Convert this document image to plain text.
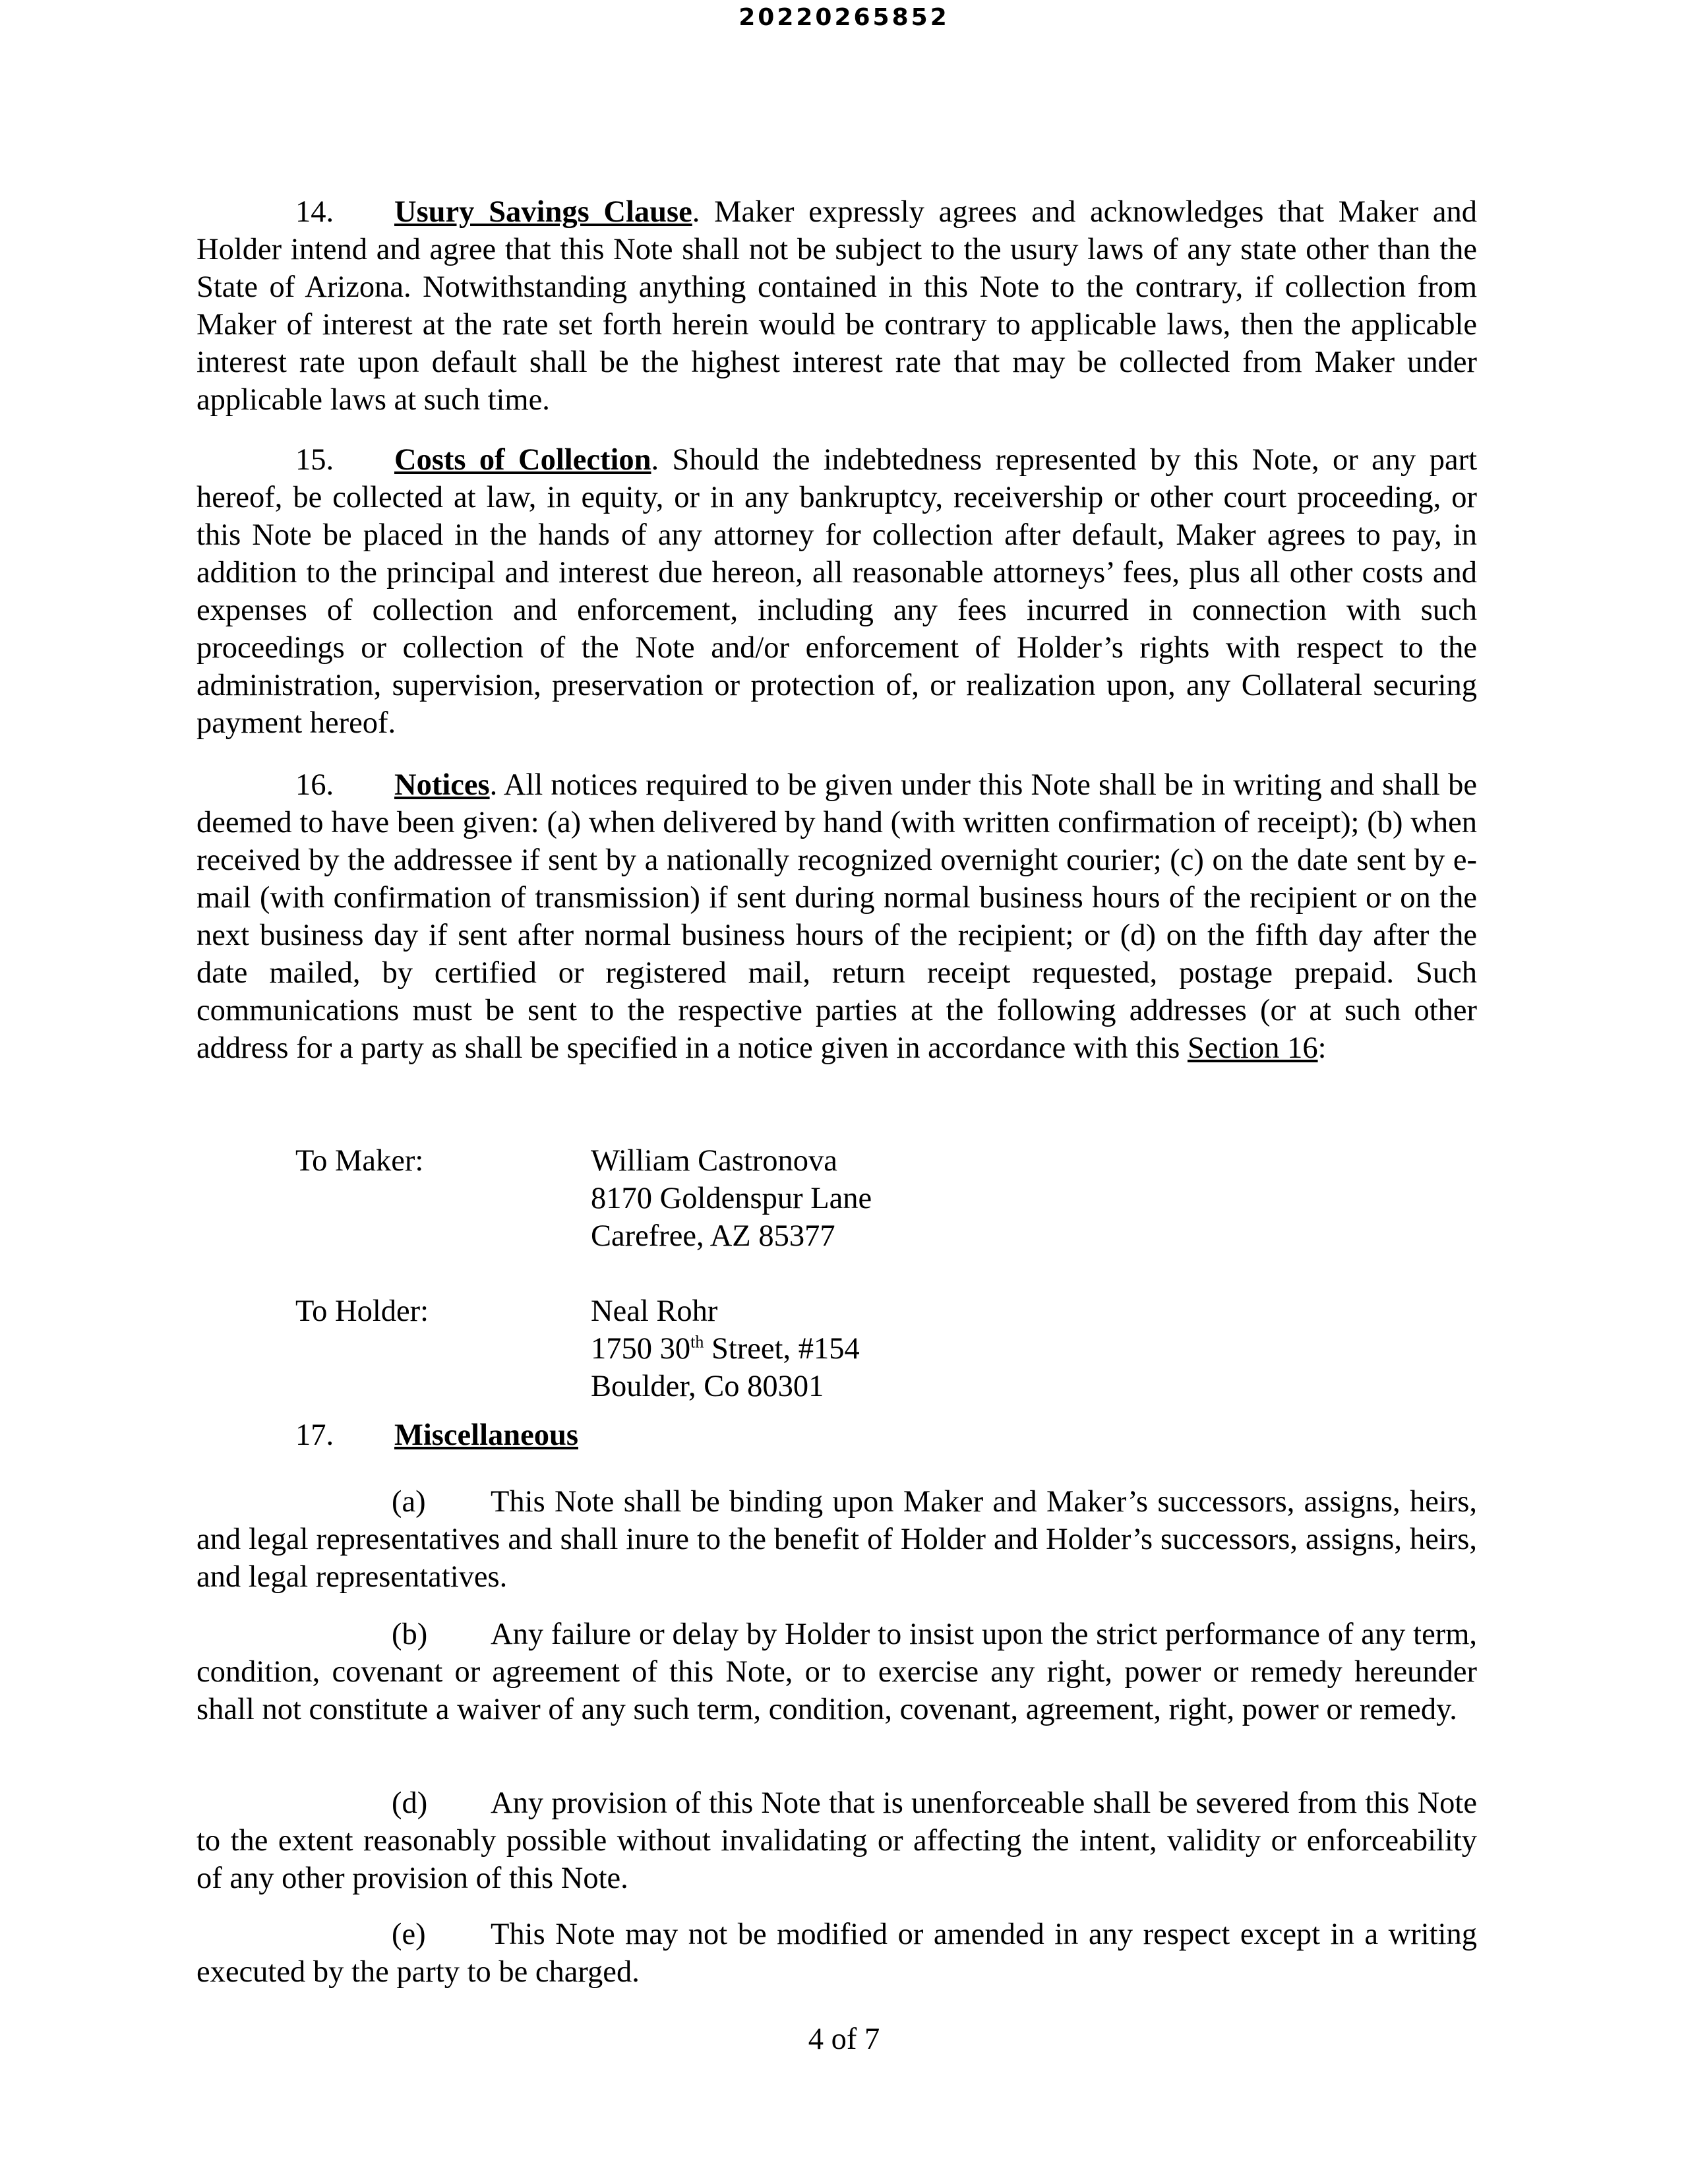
20220265852

14. Usury Savings Clause. Maker expressly agrees and acknowledges that Maker and Holder intend and agree that this Note shall not be subject to the usury laws of any state other than the State of Arizona. Notwithstanding anything contained in this Note to the contrary, if collection from Maker of interest at the rate set forth herein would be contrary to applicable laws, then the applicable interest rate upon default shall be the highest interest rate that may be collected from Maker under applicable laws at such time.

15. Costs of Collection. Should the indebtedness represented by this Note, or any part hereof, be collected at law, in equity, or in any bankruptcy, receivership or other court proceeding, or this Note be placed in the hands of any attorney for collection after default, Maker agrees to pay, in addition to the principal and interest due hereon, all reasonable attorneys’ fees, plus all other costs and expenses of collection and enforcement, including any fees incurred in connection with such proceedings or collection of the Note and/or enforcement of Holder’s rights with respect to the administration, supervision, preservation or protection of, or realization upon, any Collateral securing payment hereof.

16. Notices. All notices required to be given under this Note shall be in writing and shall be deemed to have been given: (a) when delivered by hand (with written confirmation of receipt); (b) when received by the addressee if sent by a nationally recognized overnight courier; (c) on the date sent by e-mail (with confirmation of transmission) if sent during normal business hours of the recipient or on the next business day if sent after normal business hours of the recipient; or (d) on the fifth day after the date mailed, by certified or registered mail, return receipt requested, postage prepaid. Such communications must be sent to the respective parties at the following addresses (or at such other address for a party as shall be specified in a notice given in accordance with this Section 16:

To Maker:	William Castronova
8170 Goldenspur Lane
Carefree, AZ 85377
To Holder:	Neal Rohr
1750 30th Street, #154
Boulder, Co 80301
17. Miscellaneous

(a) This Note shall be binding upon Maker and Maker’s successors, assigns, heirs, and legal representatives and shall inure to the benefit of Holder and Holder’s successors, assigns, heirs, and legal representatives.

(b) Any failure or delay by Holder to insist upon the strict performance of any term, condition, covenant or agreement of this Note, or to exercise any right, power or remedy hereunder shall not constitute a waiver of any such term, condition, covenant, agreement, right, power or remedy.

(d) Any provision of this Note that is unenforceable shall be severed from this Note to the extent reasonably possible without invalidating or affecting the intent, validity or enforceability of any other provision of this Note.

(e) This Note may not be modified or amended in any respect except in a writing executed by the party to be charged.

4 of 7
